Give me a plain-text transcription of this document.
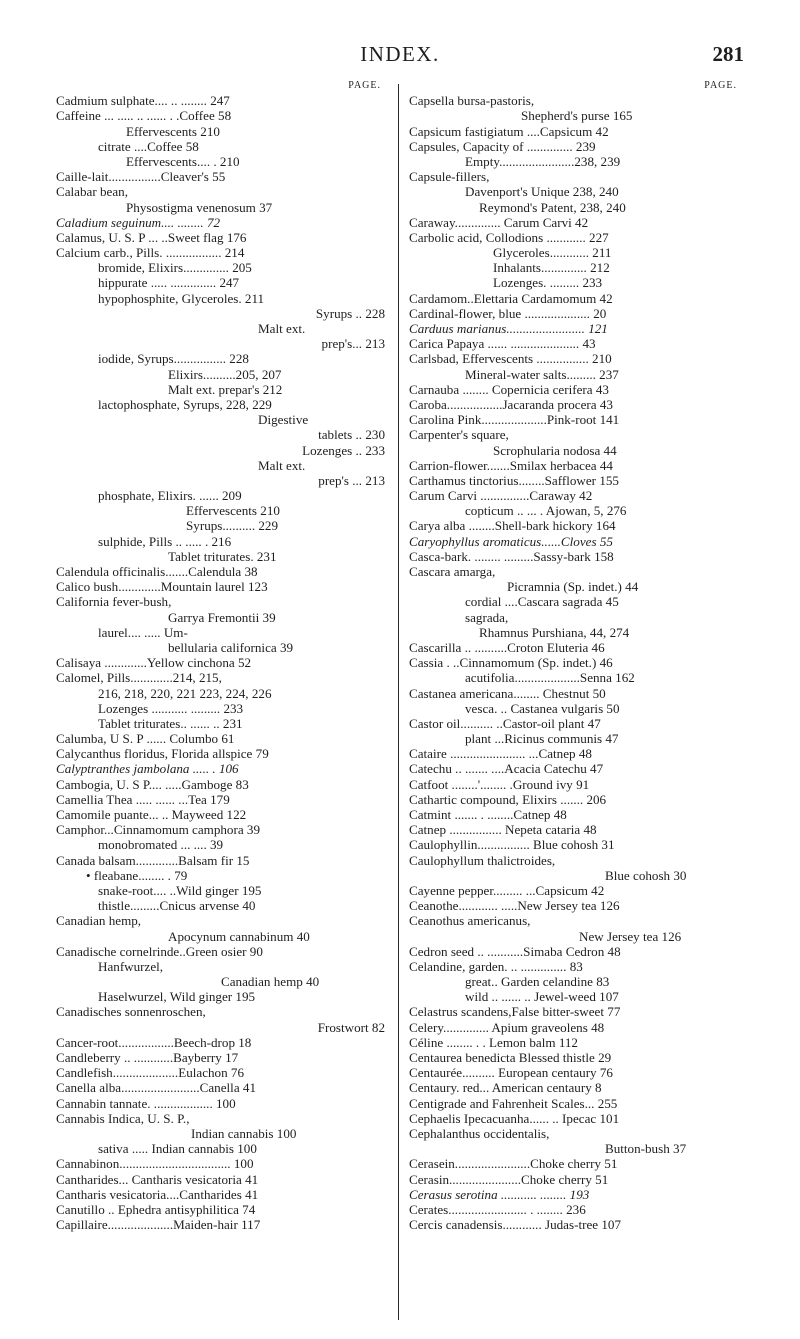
INDEX.	281
PAGE.
Cadmium sulphate.... .. ........ 247
Caffeine ... ..... .. ...... . .Coffee 58
Effervescents 210
citrate ....Coffee 58
Effervescents.... . 210
Caille-lait................Cleaver's 55
Calabar bean,
Physostigma venenosum 37
Caladium seguinum.... ........ 72
Calamus, U. S. P ... ..Sweet flag 176
Calcium carb., Pills. ................. 214
bromide, Elixirs.............. 205
hippurate ..... .............. 247
hypophosphite, Glyceroles. 211
Syrups .. 228
Malt ext.
prep's... 213
iodide, Syrups................ 228
Elixirs..........205, 207
Malt ext. prepar's 212
lactophosphate, Syrups, 228, 229
Digestive
tablets .. 230
Lozenges .. 233
Malt ext.
prep's ... 213
phosphate, Elixirs. ...... 209
Effervescents 210
Syrups.......... 229
sulphide, Pills .. ..... . 216
Tablet triturates. 231
Calendula officinalis.......Calendula 38
Calico bush.............Mountain laurel 123
California fever-bush,
Garrya Fremontii 39
laurel.... ..... Um-
bellularia californica 39
Calisaya .............Yellow cinchona 52
Calomel, Pills.............214, 215,
216, 218, 220, 221 223, 224, 226
Lozenges ........... ......... 233
Tablet triturates.. ...... .. 231
Calumba, U S. P ...... Columbo 61
Calycanthus floridus, Florida allspice 79
Calyptranthes jambolana ..... . 106
Cambogia, U. S P.... .....Gamboge 83
Camellia Thea ..... ...... ...Tea 179
Camomile puante... .. Mayweed 122
Camphor...Cinnamomum camphora 39
monobromated ... .... 39
Canada balsam.............Balsam fir 15
• fleabane........ . 79
snake-root.... ..Wild ginger 195
thistle.........Cnicus arvense 40
Canadian hemp,
Apocynum cannabinum 40
Canadische cornelrinde..Green osier 90
Hanfwurzel,
Canadian hemp 40
Haselwurzel, Wild ginger 195
Canadisches sonnenroschen,
Frostwort 82
Cancer-root.................Beech-drop 18
Candleberry .. ............Bayberry 17
Candlefish....................Eulachon 76
Canella alba........................Canella 41
Cannabin tannate. .................. 100
Cannabis Indica, U. S. P.,
Indian cannabis 100
sativa ..... Indian cannabis 100
Cannabinon.................................. 100
Cantharides... Cantharis vesicatoria 41
Cantharis vesicatoria....Cantharides 41
Canutillo .. Ephedra antisyphilitica 74
Capillaire....................Maiden-hair 117
PAGE.
Capsella bursa-pastoris,
Shepherd's purse 165
Capsicum fastigiatum ....Capsicum 42
Capsules, Capacity of .............. 239
Empty.......................238, 239
Capsule-fillers,
Davenport's Unique 238, 240
Reymond's Patent, 238, 240
Caraway.............. Carum Carvi 42
Carbolic acid, Collodions ............ 227
Glyceroles............ 211
Inhalants.............. 212
Lozenges. ......... 233
Cardamom..Elettaria Cardamomum 42
Cardinal-flower, blue .................... 20
Carduus marianus........................ 121
Carica Papaya ...... ..................... 43
Carlsbad, Effervescents ................ 210
Mineral-water salts......... 237
Carnauba ........ Copernicia cerifera 43
Caroba.................Jacaranda procera 43
Carolina Pink....................Pink-root 141
Carpenter's square,
Scrophularia nodosa 44
Carrion-flower.......Smilax herbacea 44
Carthamus tinctorius........Safflower 155
Carum Carvi ...............Caraway 42
copticum .. ... . Ajowan, 5, 276
Carya alba ........Shell-bark hickory 164
Caryophyllus aromaticus......Cloves 55
Casca-bark. ........ .........Sassy-bark 158
Cascara amarga,
Picramnia (Sp. indet.) 44
cordial ....Cascara sagrada 45
sagrada,
Rhamnus Purshiana, 44, 274
Cascarilla .. ..........Croton Eluteria 46
Cassia . ..Cinnamomum (Sp. indet.) 46
acutifolia....................Senna 162
Castanea americana........ Chestnut 50
vesca. .. Castanea vulgaris 50
Castor oil.......... ..Castor-oil plant 47
plant ...Ricinus communis 47
Cataire ....................... ...Catnep 48
Catechu .. ....... ....Acacia Catechu 47
Catfoot ........'........ .Ground ivy 91
Cathartic compound, Elixirs ....... 206
Catmint ....... . ........Catnep 48
Catnep ................ Nepeta cataria 48
Caulophyllin................ Blue cohosh 31
Caulophyllum thalictroides,
Blue cohosh 30
Cayenne pepper......... ...Capsicum 42
Ceanothe............ .....New Jersey tea 126
Ceanothus americanus,
New Jersey tea 126
Cedron seed .. ...........Simaba Cedron 48
Celandine, garden. .. .............. 83
great.. Garden celandine 83
wild .. ...... .. Jewel-weed 107
Celastrus scandens,False bitter-sweet 77
Celery.............. Apium graveolens 48
Céline ........ . . Lemon balm 112
Centaurea benedicta Blessed thistle 29
Centaurée.......... European centaury 76
Centaury. red... American centaury 8
Centigrade and Fahrenheit Scales... 255
Cephaelis Ipecacuanha...... .. Ipecac 101
Cephalanthus occidentalis,
Button-bush 37
Cerasein.......................Choke cherry 51
Cerasin......................Choke cherry 51
Cerasus serotina ........... ........ 193
Cerates........................ . ........ 236
Cercis canadensis............ Judas-tree 107
